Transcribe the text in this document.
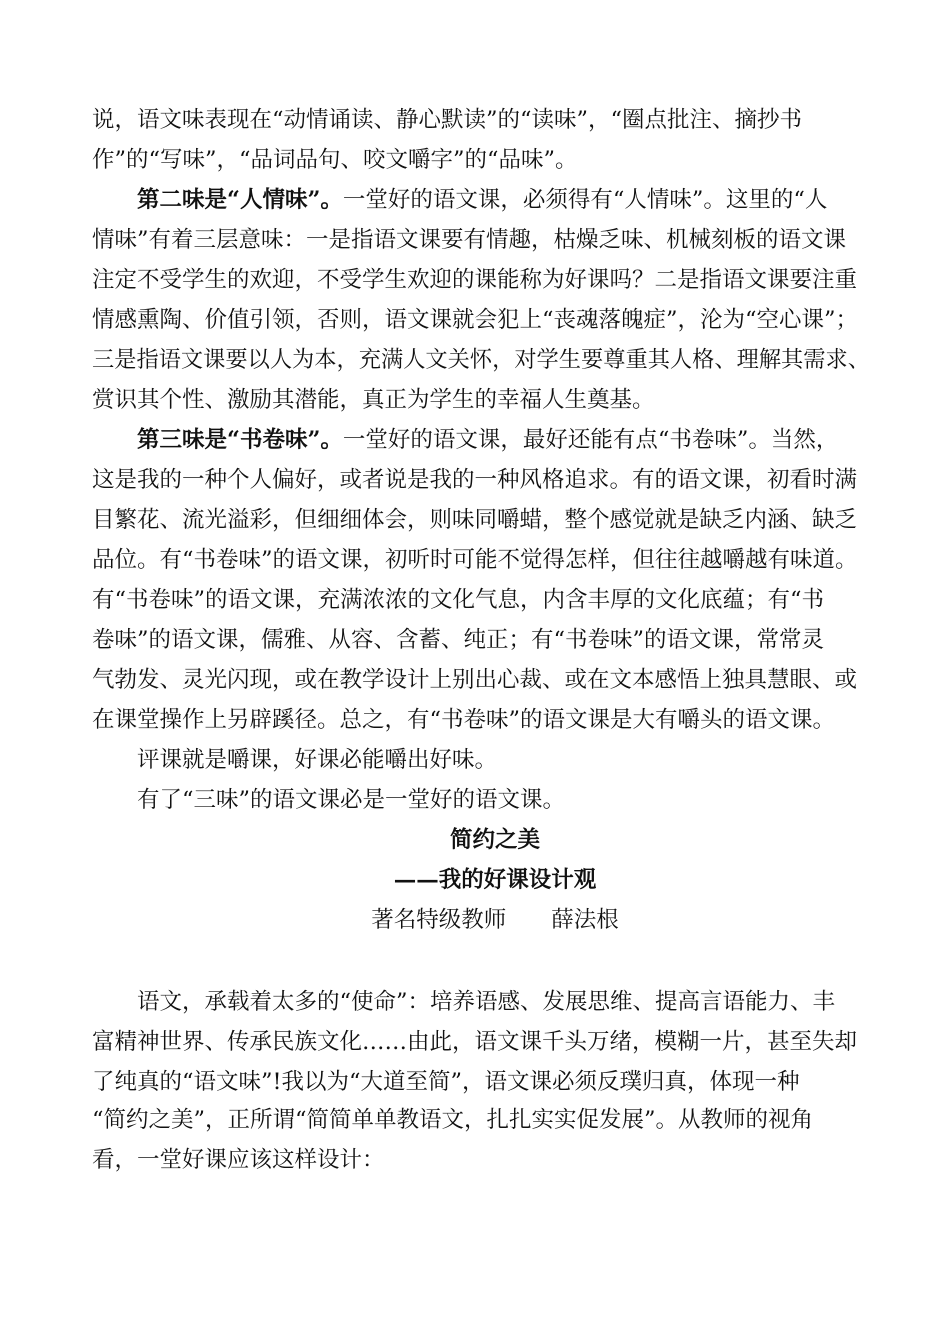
说，语文味表现在“动情诵读、静心默读”的“读味”，“圈点批注、摘抄书
作”的“写味”，“品词品句、咬文嚼字”的“品味”。
第二味是“人情味”。一堂好的语文课，必须得有“人情味”。这里的“人
情味”有着三层意味：一是指语文课要有情趣，枯燥乏味、机械刻板的语文课
注定不受学生的欢迎，不受学生欢迎的课能称为好课吗？二是指语文课要注重
情感熏陶、价值引领，否则，语文课就会犯上“丧魂落魄症”，沦为“空心课”；
三是指语文课要以人为本，充满人文关怀，对学生要尊重其人格、理解其需求、
赏识其个性、激励其潜能，真正为学生的幸福人生奠基。
第三味是“书卷味”。一堂好的语文课，最好还能有点“书卷味”。当然，
这是我的一种个人偏好，或者说是我的一种风格追求。有的语文课，初看时满
目繁花、流光溢彩，但细细体会，则味同嚼蜡，整个感觉就是缺乏内涵、缺乏
品位。有“书卷味”的语文课，初听时可能不觉得怎样，但往往越嚼越有味道。
有“书卷味”的语文课，充满浓浓的文化气息，内含丰厚的文化底蕴；有“书
卷味”的语文课，儒雅、从容、含蓄、纯正；有“书卷味”的语文课，常常灵
气勃发、灵光闪现，或在教学设计上别出心裁、或在文本感悟上独具慧眼、或
在课堂操作上另辟蹊径。总之，有“书卷味”的语文课是大有嚼头的语文课。
评课就是嚼课，好课必能嚼出好味。
有了“三味”的语文课必是一堂好的语文课。
简约之美
——我的好课设计观
著名特级教师　　薛法根
语文，承载着太多的“使命”：培养语感、发展思维、提高言语能力、丰
富精神世界、传承民族文化……由此，语文课千头万绪，模糊一片，甚至失却
了纯真的“语文味”!我以为“大道至简”，语文课必须反璞归真，体现一种
“简约之美”，正所谓“简简单单教语文，扎扎实实促发展”。从教师的视角
看，一堂好课应该这样设计：
